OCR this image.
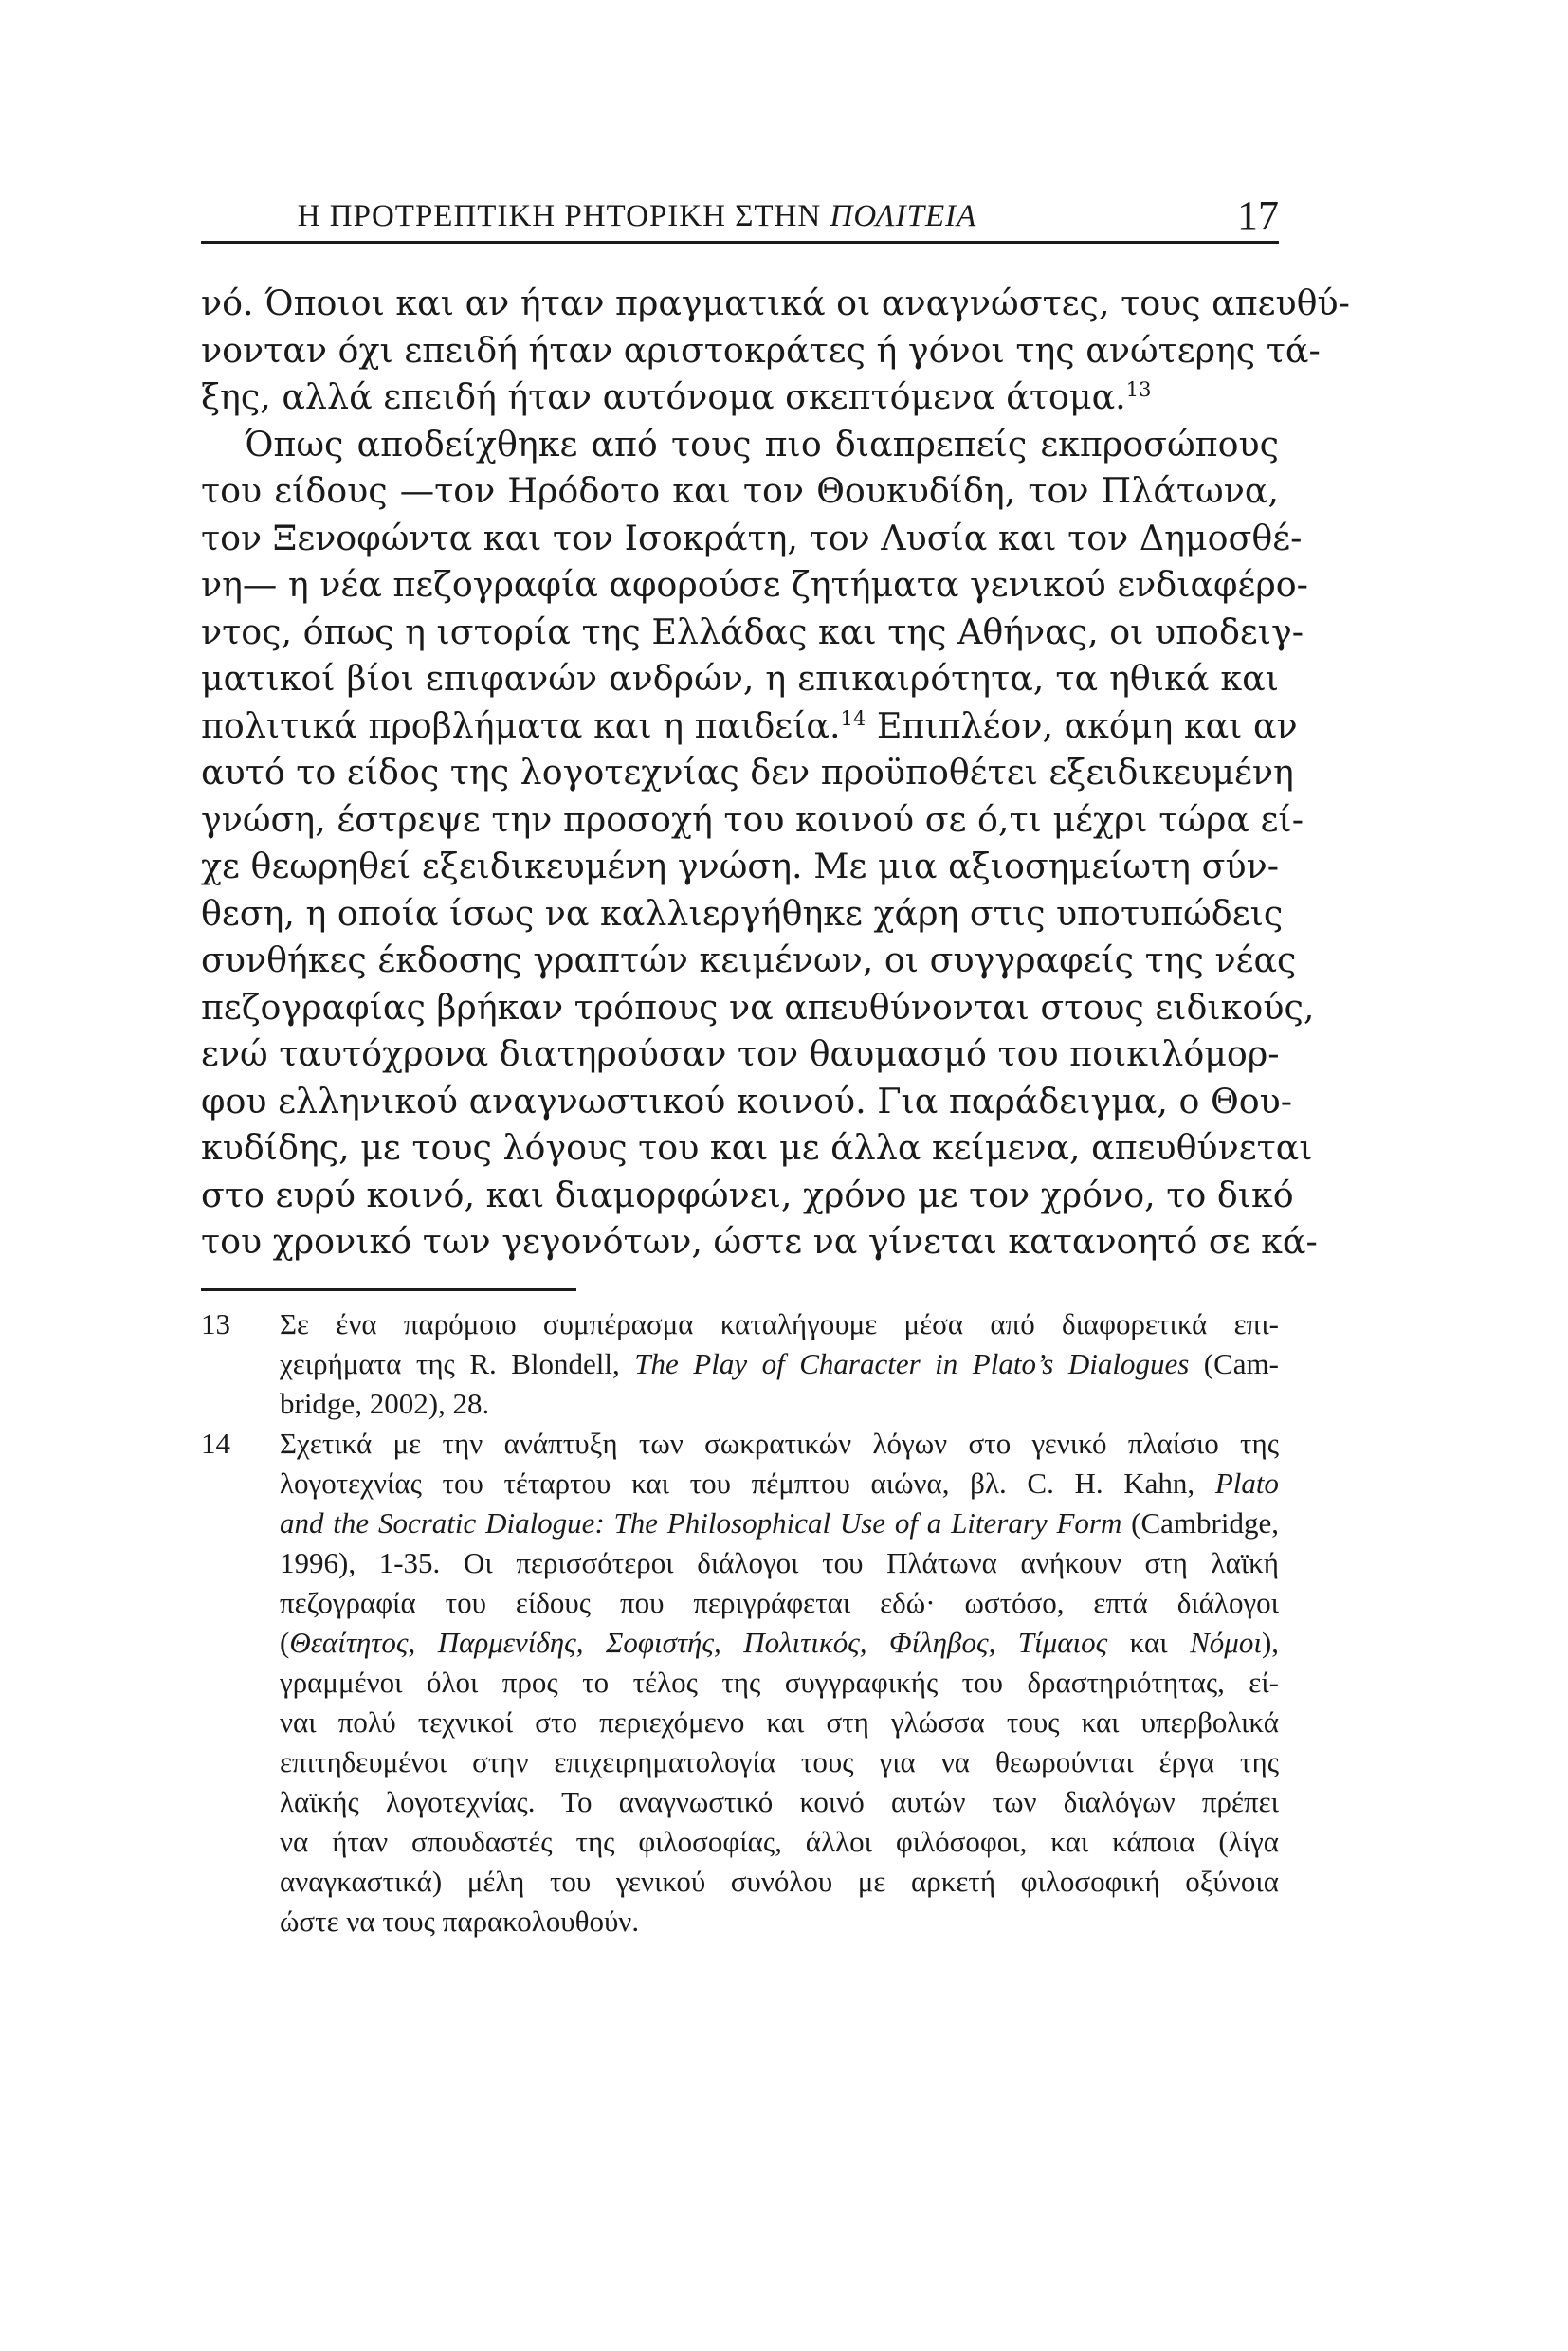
Η ΠΡΟΤΡΕΠΤΙΚΗ ΡΗΤΟΡΙΚΗ ΣΤΗΝ ΠΟΛΙΤΕΙΑ	17
νό. Όποιοι και αν ήταν πραγματικά οι αναγνώστες, τους απευθύ-
νονταν όχι επειδή ήταν αριστοκράτες ή γόνοι της ανώτερης τά-
ξης, αλλά επειδή ήταν αυτόνομα σκεπτόμενα άτομα.$^{13}$
Όπως αποδείχθηκε από τους πιο διαπρεπείς εκπροσώπους
του είδους —τον Ηρόδοτο και τον Θουκυδίδη, τον Πλάτωνα,
τον Ξενοφώντα και τον Ισοκράτη, τον Λυσία και τον Δημοσθέ-
νη— η νέα πεζογραφία αφορούσε ζητήματα γενικού ενδιαφέρο-
ντος, όπως η ιστορία της Ελλάδας και της Αθήνας, οι υποδειγ-
ματικοί βίοι επιφανών ανδρών, η επικαιρότητα, τα ηθικά και
πολιτικά προβλήματα και η παιδεία.$^{14}$ Επιπλέον, ακόμη και αν
αυτό το είδος της λογοτεχνίας δεν προϋποθέτει εξειδικευμένη
γνώση, έστρεψε την προσοχή του κοινού σε ό,τι μέχρι τώρα εί-
χε θεωρηθεί εξειδικευμένη γνώση. Με μια αξιοσημείωτη σύν-
θεση, η οποία ίσως να καλλιεργήθηκε χάρη στις υποτυπώδεις
συνθήκες έκδοσης γραπτών κειμένων, οι συγγραφείς της νέας
πεζογραφίας βρήκαν τρόπους να απευθύνονται στους ειδικούς,
ενώ ταυτόχρονα διατηρούσαν τον θαυμασμό του ποικιλόμορ-
φου ελληνικού αναγνωστικού κοινού. Για παράδειγμα, ο Θου-
κυδίδης, με τους λόγους του και με άλλα κείμενα, απευθύνεται
στο ευρύ κοινό, και διαμορφώνει, χρόνο με τον χρόνο, το δικό
του χρονικό των γεγονότων, ώστε να γίνεται κατανοητό σε κά-
13 Σε ένα παρόμοιο συμπέρασμα καταλήγουμε μέσα από διαφορετικά επι-
χειρήματα της R. Blondell, The Play of Character in Plato’s Dialogues (Cam-
bridge, 2002), 28.
14 Σχετικά με την ανάπτυξη των σωκρατικών λόγων στο γενικό πλαίσιο της
λογοτεχνίας του τέταρτου και του πέμπτου αιώνα, βλ. C. H. Kahn, Plato
and the Socratic Dialogue: The Philosophical Use of a Literary Form (Cambridge,
1996), 1-35. Οι περισσότεροι διάλογοι του Πλάτωνα ανήκουν στη λαϊκή
πεζογραφία του είδους που περιγράφεται εδώ· ωστόσο, επτά διάλογοι
(Θεαίτητος, Παρμενίδης, Σοφιστής, Πολιτικός, Φίληβος, Τίμαιος και Νόμοι),
γραμμένοι όλοι προς το τέλος της συγγραφικής του δραστηριότητας, εί-
ναι πολύ τεχνικοί στο περιεχόμενο και στη γλώσσα τους και υπερβολικά
επιτηδευμένοι στην επιχειρηματολογία τους για να θεωρούνται έργα της
λαϊκής λογοτεχνίας. Το αναγνωστικό κοινό αυτών των διαλόγων πρέπει
να ήταν σπουδαστές της φιλοσοφίας, άλλοι φιλόσοφοι, και κάποια (λίγα
αναγκαστικά) μέλη του γενικού συνόλου με αρκετή φιλοσοφική οξύνοια
ώστε να τους παρακολουθούν.
